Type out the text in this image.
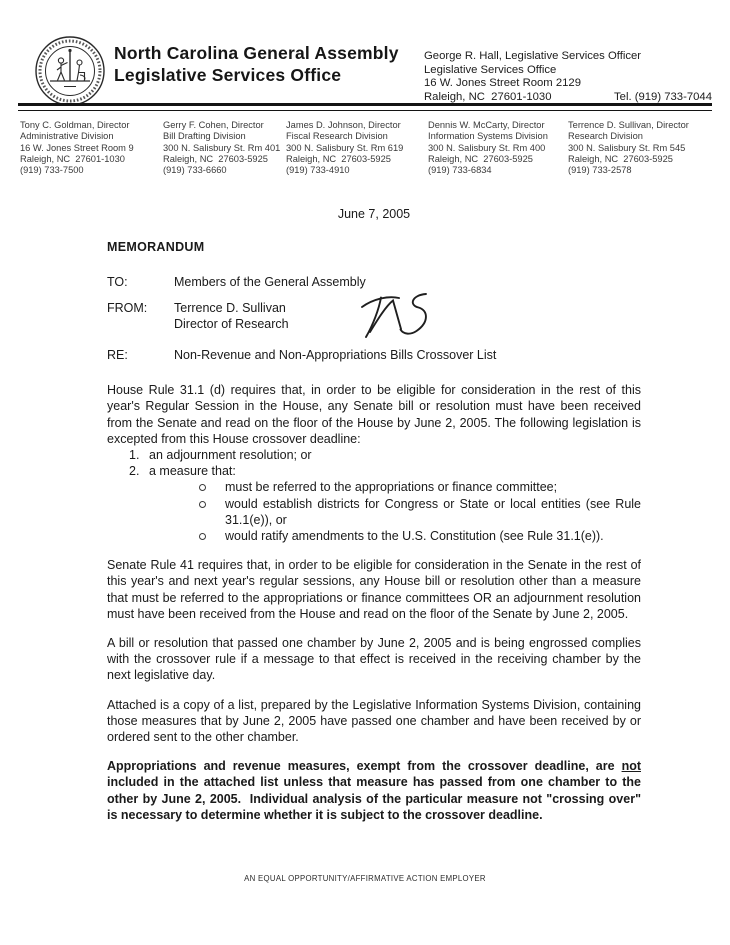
North Carolina General Assembly
Legislative Services Office
George R. Hall, Legislative Services Officer
Legislative Services Office
16 W. Jones Street Room 2129
Raleigh, NC  27601-1030	Tel. (919) 733-7044
Tony C. Goldman, Director
Administrative Division
16 W. Jones Street Room 9
Raleigh, NC  27601-1030
(919) 733-7500
Gerry F. Cohen, Director
Bill Drafting Division
300 N. Salisbury St. Rm 401
Raleigh, NC  27603-5925
(919) 733-6660
James D. Johnson, Director
Fiscal Research Division
300 N. Salisbury St. Rm 619
Raleigh, NC  27603-5925
(919) 733-4910
Dennis W. McCarty, Director
Information Systems Division
300 N. Salisbury St. Rm 400
Raleigh, NC  27603-5925
(919) 733-6834
Terrence D. Sullivan, Director
Research Division
300 N. Salisbury St. Rm 545
Raleigh, NC  27603-5925
(919) 733-2578
June 7, 2005
MEMORANDUM
TO:	Members of the General Assembly
FROM:	Terrence D. Sullivan
Director of Research
RE:	Non-Revenue and Non-Appropriations Bills Crossover List

House Rule 31.1 (d) requires that, in order to be eligible for consideration in the rest of this year's Regular Session in the House, any Senate bill or resolution must have been received from the Senate and read on the floor of the House by June 2, 2005. The following legislation is excepted from this House crossover deadline:

1. an adjournment resolution; or
2. a measure that:
must be referred to the appropriations or finance committee;
would establish districts for Congress or State or local entities (see Rule 31.1(e)), or
would ratify amendments to the U.S. Constitution (see Rule 31.1(e)).

Senate Rule 41 requires that, in order to be eligible for consideration in the Senate in the rest of this year's and next year's regular sessions, any House bill or resolution other than a measure that must be referred to the appropriations or finance committees OR an adjournment resolution must have been received from the House and read on the floor of the Senate by June 2, 2005.

A bill or resolution that passed one chamber by June 2, 2005 and is being engrossed complies with the crossover rule if a message to that effect is received in the receiving chamber by the next legislative day.

Attached is a copy of a list, prepared by the Legislative Information Systems Division, containing those measures that by June 2, 2005 have passed one chamber and have been received by or ordered sent to the other chamber.

Appropriations and revenue measures, exempt from the crossover deadline, are not included in the attached list unless that measure has passed from one chamber to the other by June 2, 2005.  Individual analysis of the particular measure not "crossing over" is necessary to determine whether it is subject to the crossover deadline.

AN EQUAL OPPORTUNITY/AFFIRMATIVE ACTION EMPLOYER
